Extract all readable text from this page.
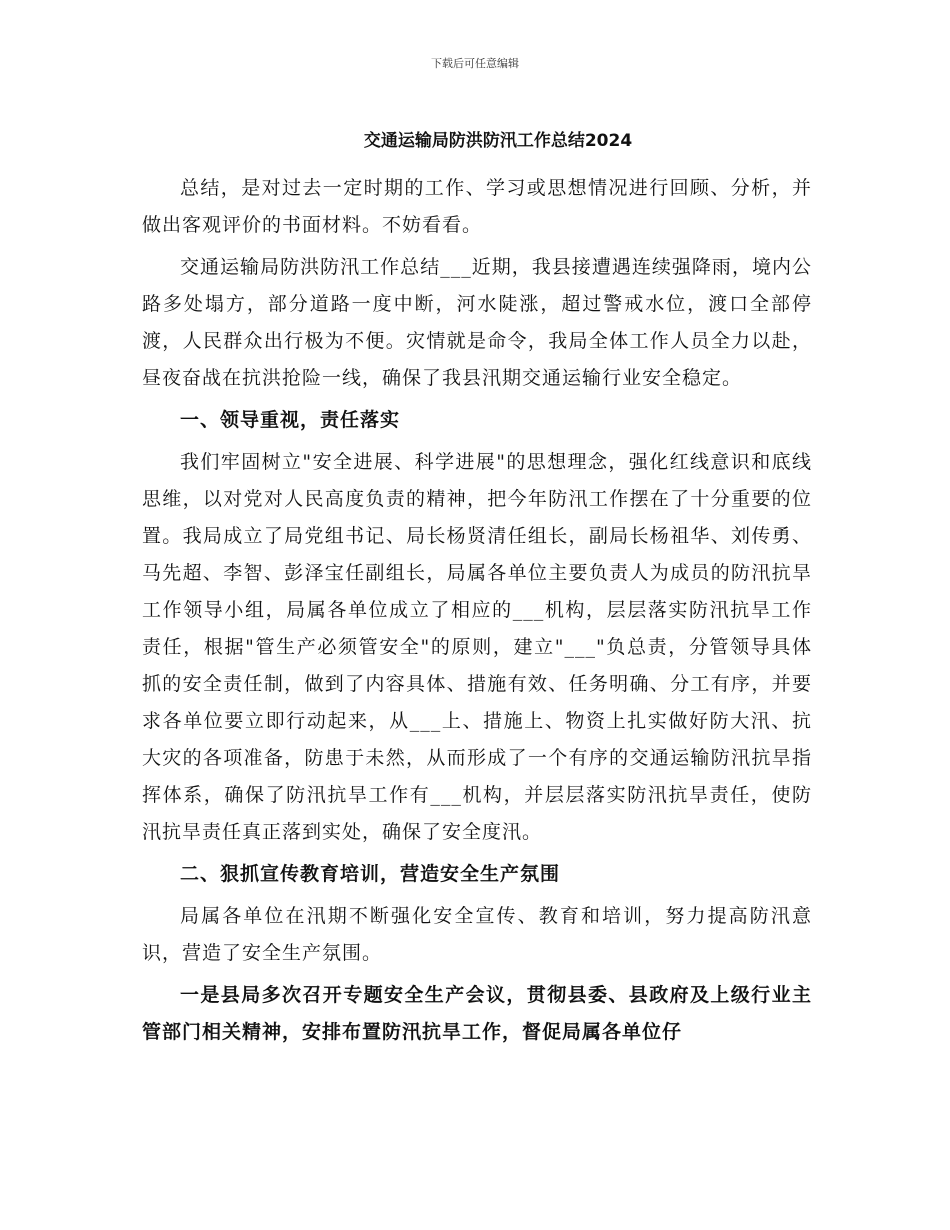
下载后可任意编辑
交通运输局防洪防汛工作总结2024

总结，是对过去一定时期的工作、学习或思想情况进行回顾、分析，并做出客观评价的书面材料。不妨看看。

交通运输局防洪防汛工作总结___近期，我县接遭遇连续强降雨，境内公路多处塌方，部分道路一度中断，河水陡涨，超过警戒水位，渡口全部停渡，人民群众出行极为不便。灾情就是命令，我局全体工作人员全力以赴，昼夜奋战在抗洪抢险一线，确保了我县汛期交通运输行业安全稳定。

一、领导重视，责任落实

我们牢固树立"安全进展、科学进展"的思想理念，强化红线意识和底线思维，以对党对人民高度负责的精神，把今年防汛工作摆在了十分重要的位置。我局成立了局党组书记、局长杨贤清任组长，副局长杨祖华、刘传勇、马先超、李智、彭泽宝任副组长，局属各单位主要负责人为成员的防汛抗旱工作领导小组，局属各单位成立了相应的___机构，层层落实防汛抗旱工作责任，根据"管生产必须管安全"的原则，建立"___"负总责，分管领导具体抓的安全责任制，做到了内容具体、措施有效、任务明确、分工有序，并要求各单位要立即行动起来，从___上、措施上、物资上扎实做好防大汛、抗大灾的各项准备，防患于未然，从而形成了一个有序的交通运输防汛抗旱指挥体系，确保了防汛抗旱工作有___机构，并层层落实防汛抗旱责任，使防汛抗旱责任真正落到实处，确保了安全度汛。

二、狠抓宣传教育培训，营造安全生产氛围

局属各单位在汛期不断强化安全宣传、教育和培训，努力提高防汛意识，营造了安全生产氛围。

一是县局多次召开专题安全生产会议，贯彻县委、县政府及上级行业主管部门相关精神，安排布置防汛抗旱工作，督促局属各单位仔
